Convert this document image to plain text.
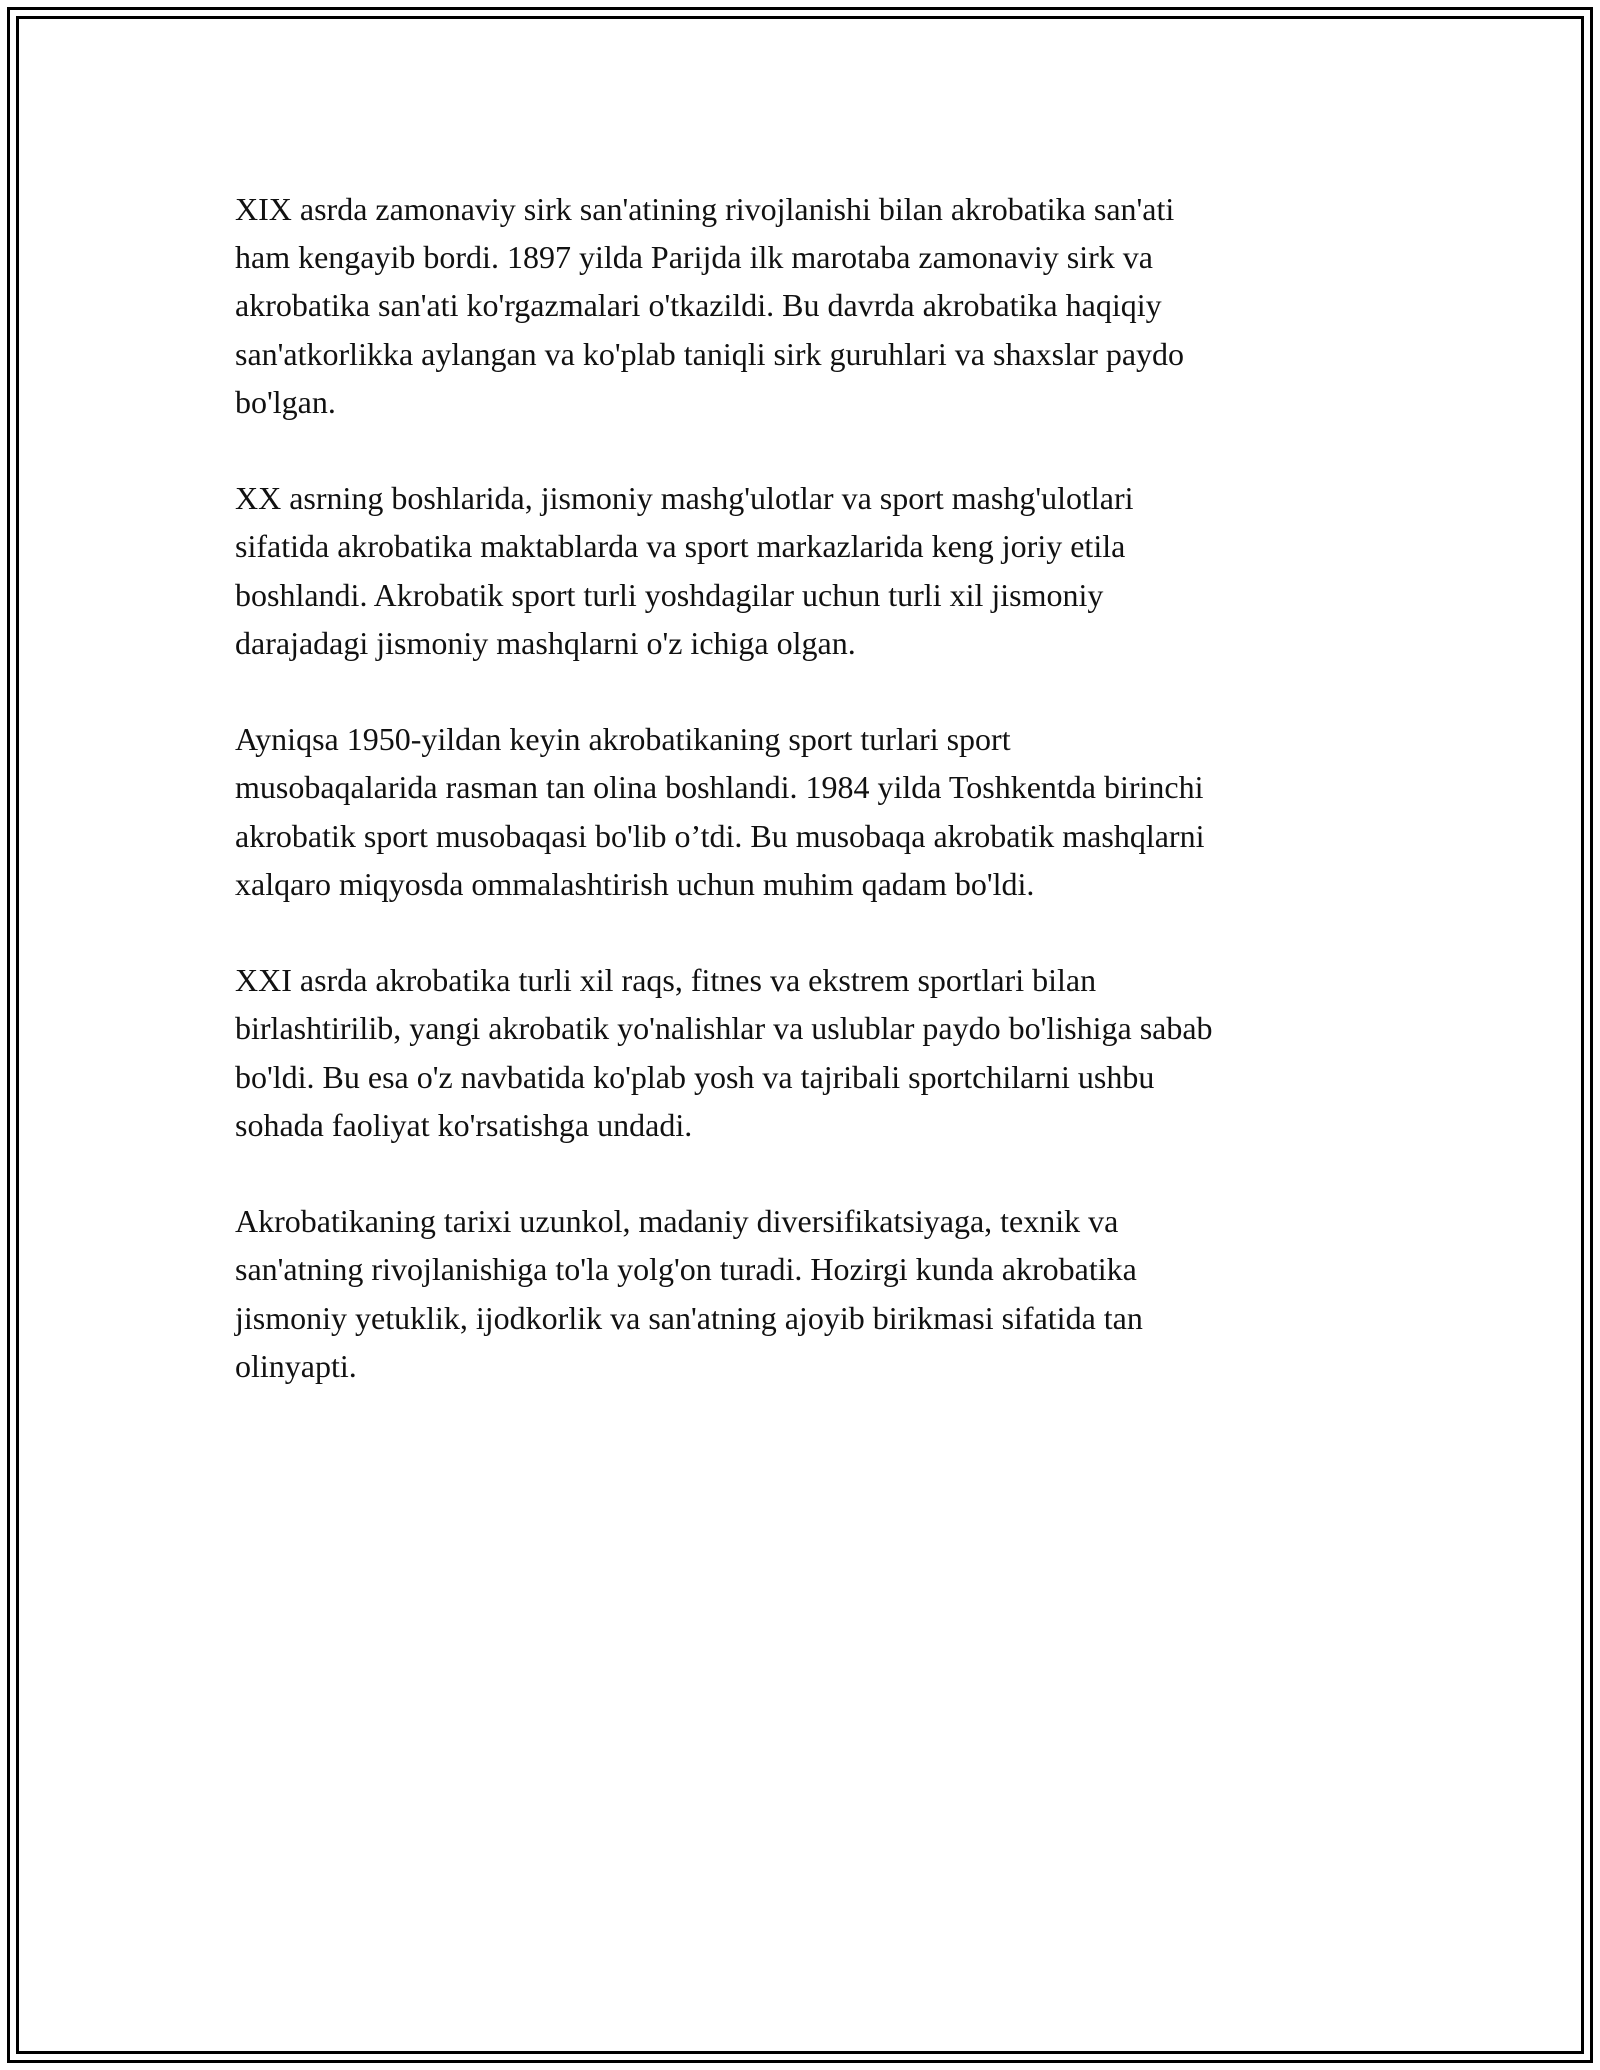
XIX asrda zamonaviy sirk san'atining rivojlanishi bilan akrobatika san'ati
ham kengayib bordi. 1897 yilda Parijda ilk marotaba zamonaviy sirk va
akrobatika san'ati ko'rgazmalari o'tkazildi. Bu davrda akrobatika haqiqiy
san'atkorlikka aylangan va ko'plab taniqli sirk guruhlari va shaxslar paydo
bo'lgan.

XX asrning boshlarida, jismoniy mashg'ulotlar va sport mashg'ulotlari
sifatida akrobatika maktablarda va sport markazlarida keng joriy etila
boshlandi. Akrobatik sport turli yoshdagilar uchun turli xil jismoniy
darajadagi jismoniy mashqlarni o'z ichiga olgan.

Ayniqsa 1950-yildan keyin akrobatikaning sport turlari sport
musobaqalarida rasman tan olina boshlandi. 1984 yilda Toshkentda birinchi
akrobatik sport musobaqasi bo'lib o’tdi. Bu musobaqa akrobatik mashqlarni
xalqaro miqyosda ommalashtirish uchun muhim qadam bo'ldi.

XXI asrda akrobatika turli xil raqs, fitnes va ekstrem sportlari bilan
birlashtirilib, yangi akrobatik yo'nalishlar va uslublar paydo bo'lishiga sabab
bo'ldi. Bu esa o'z navbatida ko'plab yosh va tajribali sportchilarni ushbu
sohada faoliyat ko'rsatishga undadi.

Akrobatikaning tarixi uzunkol, madaniy diversifikatsiyaga, texnik va
san'atning rivojlanishiga to'la yolg'on turadi. Hozirgi kunda akrobatika
jismoniy yetuklik, ijodkorlik va san'atning ajoyib birikmasi sifatida tan
olinyapti.
